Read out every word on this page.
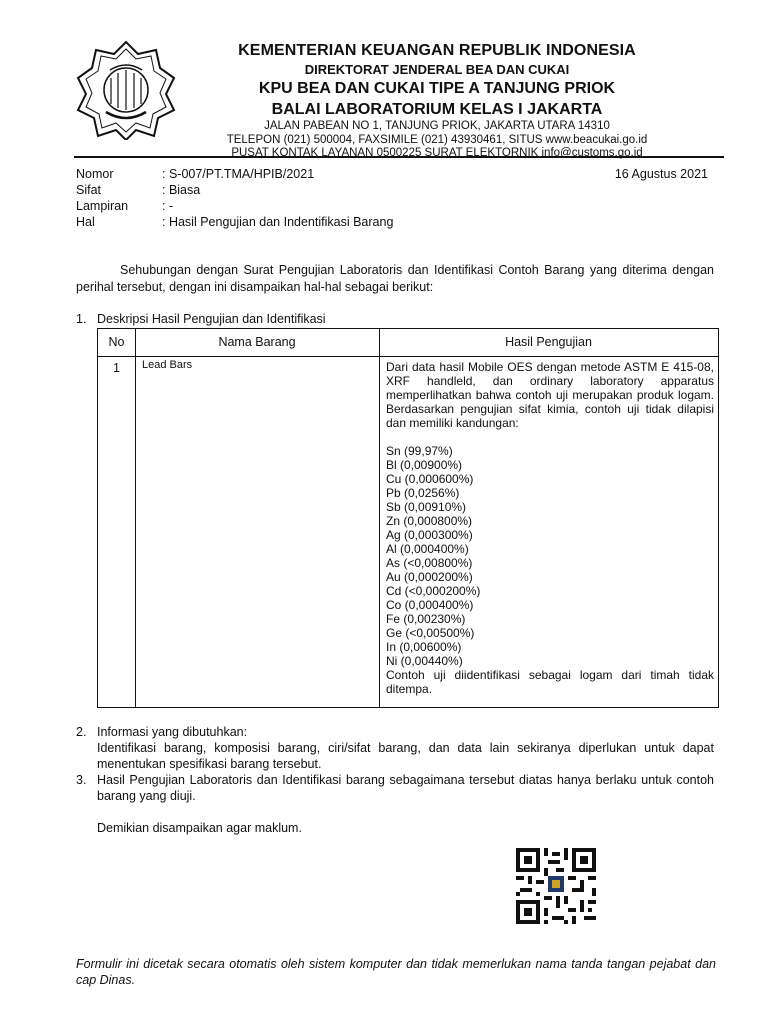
KEMENTERIAN KEUANGAN REPUBLIK INDONESIA
DIREKTORAT JENDERAL BEA DAN CUKAI
KPU BEA DAN CUKAI TIPE A TANJUNG PRIOK
BALAI LABORATORIUM KELAS I JAKARTA
JALAN PABEAN NO 1, TANJUNG PRIOK, JAKARTA UTARA 14310
TELEPON (021) 500004, FAXSIMILE (021) 43930461, SITUS www.beacukai.go.id
PUSAT KONTAK LAYANAN 0500225 SURAT ELEKTORNIK info@customs.go.id
Nomor	: S-007/PT.TMA/HPIB/2021	16 Agustus 2021
Sifat	: Biasa
Lampiran	: -
Hal	: Hasil Pengujian dan Indentifikasi Barang
Sehubungan dengan Surat Pengujian Laboratoris dan Identifikasi Contoh Barang yang diterima dengan perihal tersebut, dengan ini disampaikan hal-hal sebagai berikut:
1. Deskripsi Hasil Pengujian dan Identifikasi
No	Nama Barang	Hasil Pengujian
1	Lead Bars	Dari data hasil Mobile OES dengan metode ASTM E 415-08, XRF handleld, dan ordinary laboratory apparatus memperlihatkan bahwa contoh uji merupakan produk logam. Berdasarkan pengujian sifat kimia, contoh uji tidak dilapisi dan memiliki kandungan:
Sn (99,97%)
Bl (0,00900%)
Cu (0,000600%)
Pb (0,0256%)
Sb (0,00910%)
Zn (0,000800%)
Ag (0,000300%)
Al (0,000400%)
As (<0,00800%)
Au (0,000200%)
Cd (<0,000200%)
Co (0,000400%)
Fe (0,00230%)
Ge (<0,00500%)
In (0,00600%)
Ni (0,00440%)
Contoh uji diidentifikasi sebagai logam dari timah tidak ditempa.
2. Informasi yang dibutuhkan:
Identifikasi barang, komposisi barang, ciri/sifat barang, dan data lain sekiranya diperlukan untuk dapat menentukan spesifikasi barang tersebut.
3. Hasil Pengujian Laboratoris dan Identifikasi barang sebagaimana tersebut diatas hanya berlaku untuk contoh barang yang diuji.
Demikian disampaikan agar maklum.
Formulir ini dicetak secara otomatis oleh sistem komputer dan tidak memerlukan nama tanda tangan pejabat dan cap Dinas.
